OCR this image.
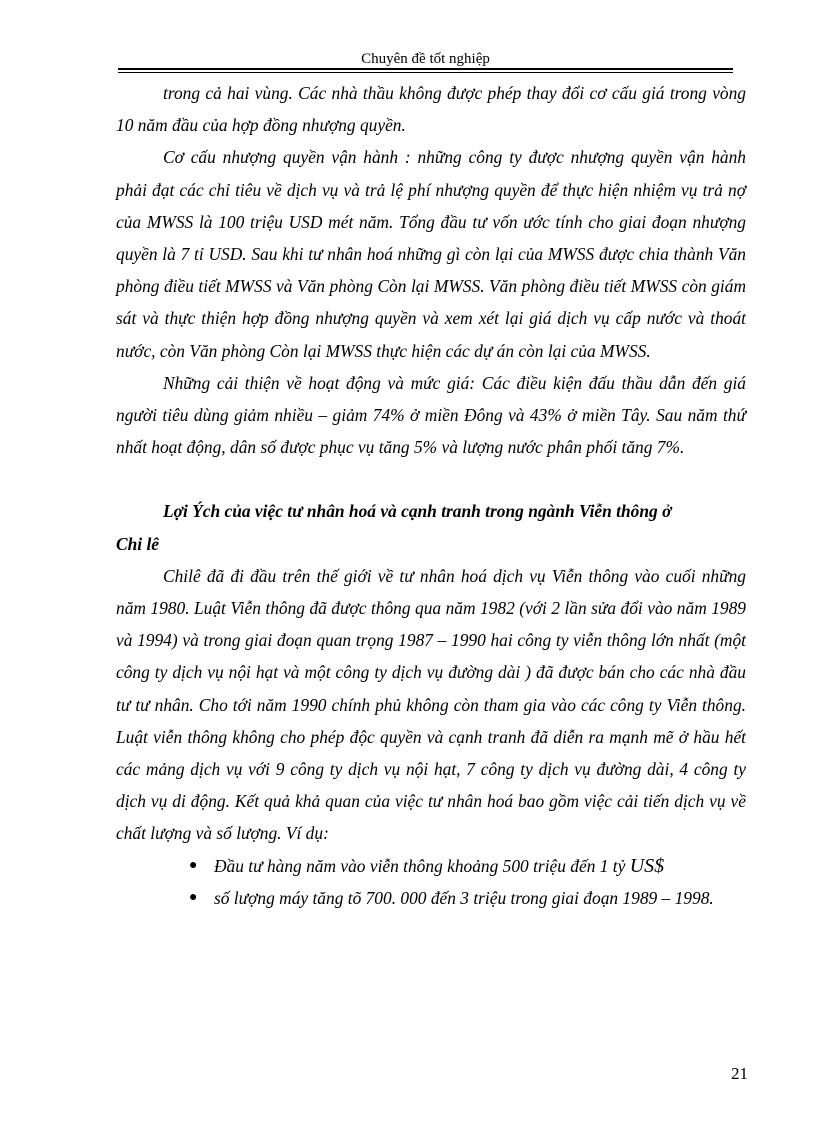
Chuyên đề tốt nghiệp

trong cả hai vùng. Các nhà thầu không được phép thay đổi cơ cấu giá trong vòng 10 năm đầu của hợp đồng nhượng quyền.

Cơ cấu nhượng quyền vận hành : những công ty được nhượng quyền vận hành phải đạt các chỉ tiêu về dịch vụ và trả lệ phí nhượng quyền để thực hiện nhiệm vụ trả nợ của MWSS là 100 triệu USD mét năm. Tổng đầu tư vốn ước tính cho giai đoạn nhượng quyền là 7 tỉ USD. Sau khi tư nhân hoá những gì còn lại của MWSS được chia thành Văn phòng điều tiết MWSS và Văn phòng Còn lại MWSS. Văn phòng điều tiết MWSS còn giám sát và thực thiện hợp đồng nhượng quyền và xem xét lại giá dịch vụ cấp nước và thoát nước, còn Văn phòng Còn lại MWSS thực hiện các dự án còn lại của MWSS.

Những cải thiện về hoạt động và mức giá: Các điều kiện đấu thầu dẫn đến giá người tiêu dùng giảm nhiều – giảm 74% ở miền Đông và 43% ở miền Tây. Sau năm thứ nhất hoạt động, dân số được phục vụ tăng 5% và lượng nước phân phối tăng 7%.

Lợi Ých của việc tư nhân hoá và cạnh tranh trong ngành Viễn thông ở

Chi lê

Chilê đã đi đầu trên thế giới về tư nhân hoá dịch vụ Viễn thông vào cuối những năm 1980. Luật Viễn thông đã được thông qua năm 1982 (với 2 lần sửa đổi vào năm 1989 và 1994) và trong giai đoạn quan trọng 1987 – 1990 hai công ty viễn thông lớn nhất (một công ty dịch vụ nội hạt và một công ty dịch vụ đường dài ) đã được bán cho các nhà đầu tư tư nhân. Cho tới năm 1990 chính phủ không còn tham gia vào các công ty Viễn thông. Luật viễn thông không cho phép độc quyền và cạnh tranh đã diễn ra mạnh mẽ ở hầu hết các mảng dịch vụ với 9 công ty dịch vụ nội hạt, 7 công ty dịch vụ đường dài, 4 công ty dịch vụ di động. Kết quả khả quan của việc tư nhân hoá bao gồm việc cải tiến dịch vụ về chất lượng và số lượng. Ví dụ:

● Đầu tư hàng năm vào viễn thông khoảng 500 triệu đến 1 tỷ US$
● số lượng máy tăng tõ 700. 000 đến 3 triệu trong giai đoạn 1989 – 1998.
21
